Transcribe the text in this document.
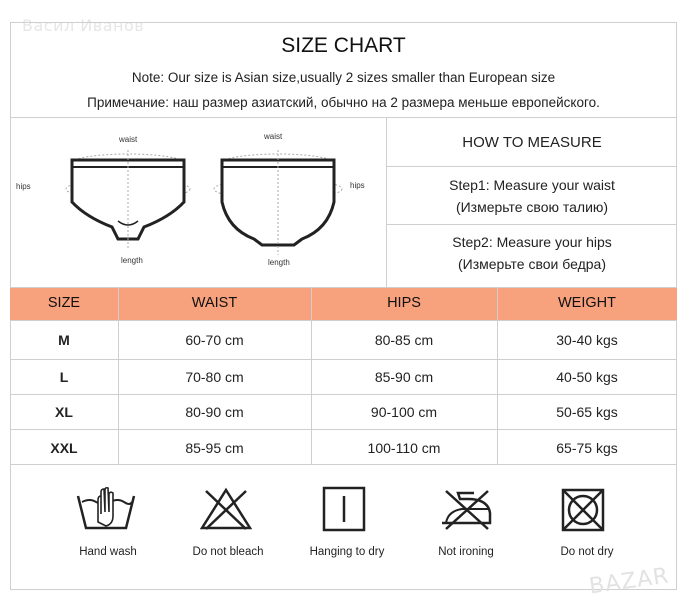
Васил Иванов
SIZE CHART
Note: Our size is Asian size,usually 2 sizes smaller than European size
Примечание: наш размер азиатский, обычно на 2 размера меньше европейского.
waist
hips
length
waist
hips
length
HOW TO MEASURE
Step1: Measure your waist
(Измерьте свою талию)
Step2: Measure your hips
(Измерьте свои бедра)
SIZE	WAIST	HIPS	WEIGHT
M	60-70 cm	80-85 cm	30-40 kgs
L	70-80 cm	85-90 cm	40-50 kgs
XL	80-90 cm	90-100 cm	50-65 kgs
XXL	85-95 cm	100-110 cm	65-75 kgs
Hand wash	Do not bleach	Hanging to dry	Not ironing	Do not dry
BAZAR
